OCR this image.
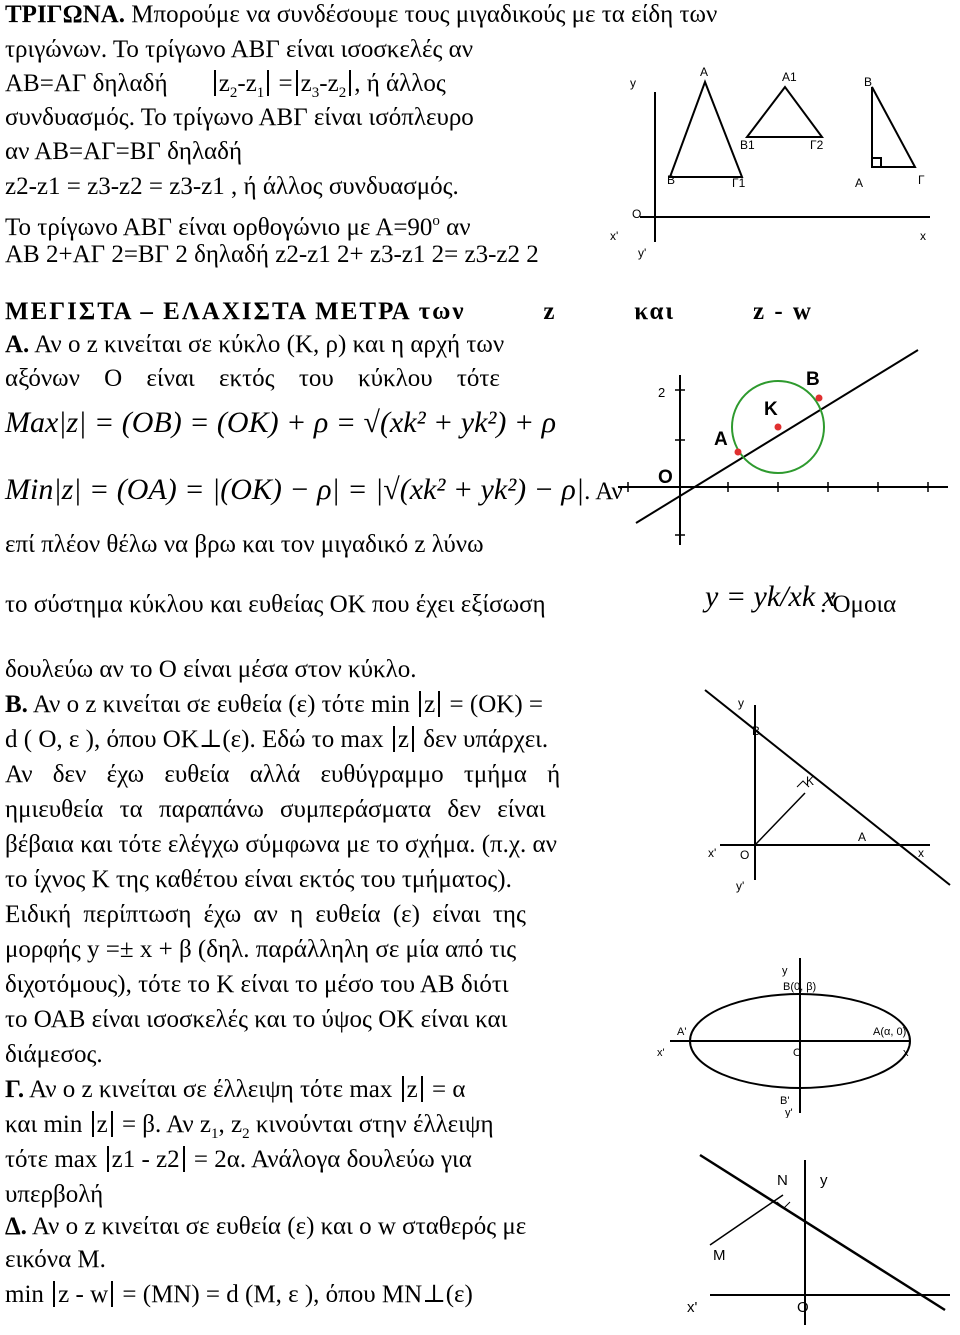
ΤΡΙΓΩΝΑ. Μπορούμε να συνδέσουμε τους μιγαδικούς με τα είδη των
τριγώνων. Το τρίγωνο ΑΒΓ είναι ισοσκελές αν
ΑΒ=ΑΓ δηλαδή $z_2-z_1 = z_3-z_2$ , ή άλλος
συνδυασμός. Το τρίγωνο ΑΒΓ είναι ισόπλευρο
αν ΑΒ=ΑΓ=ΒΓ δηλαδή
z2-z1 = z3-z2 = z3-z1 , ή άλλος συνδυασμός.
Το τρίγωνο ΑΒΓ είναι ορθογώνιο με $A=90^o$ αν
ΑΒ 2+ΑΓ 2=ΒΓ 2 δηλαδή z2-z1 2+ z3-z1 2= z3-z2 2
y
A	A1	B
B1	Γ2
B	Γ1	A	Γ
O
x'	x
y'
ΜΕΓΙΣΤΑ – ΕΛΑΧΙΣΤΑ ΜΕΤΡΑ των	z	και	z - w
Α. Αν ο z κινείται σε κύκλο (Κ, ρ) και η αρχή των
αξόνων Ο είναι εκτός του κύκλου τότε
Max|z| = (OB) = (OK) + ρ = √(xk² + yk²) + ρ
Min|z| = (OA) = |(OK) − ρ| = |√(xk² + yk²) − ρ|. Αν
επί πλέον θέλω να βρω και τον μιγαδικό z λύνω
το σύστημα κύκλου και ευθείας ΟΚ που έχει εξίσωση	y = yk/xk x
. Όμοια
δουλεύω αν το Ο είναι μέσα στον κύκλο.
2
B
K
A
O
Β. Αν ο z κινείται σε ευθεία (ε) τότε min z = (ΟΚ) =
d ( Ο, ε ), όπου ΟΚ⊥(ε). Εδώ το max z δεν υπάρχει.
Αν δεν έχω ευθεία αλλά ευθύγραμμο τμήμα ή
ημιευθεία τα παραπάνω συμπεράσματα δεν είναι
βέβαια και τότε ελέγχω σύμφωνα με το σχήμα. (π.χ. αν
το ίχνος Κ της καθέτου είναι εκτός του τμήματος).
Ειδική περίπτωση έχω αν η ευθεία (ε) είναι της
μορφής y =± x + β (δηλ. παράλληλη σε μία από τις
διχοτόμους), τότε το Κ είναι το μέσο του ΑΒ διότι
το ΟΑΒ είναι ισοσκελές και το ύψος ΟΚ είναι και
διάμεσος.
y
B
K
A
x' O	x
y'
Γ. Αν ο z κινείται σε έλλειψη τότε max z = α
και min z = β. Αν $z_1$, $z_2$ κινούνται στην έλλειψη
τότε max z1 - z2 = 2α. Ανάλογα δουλεύω για
υπερβολή
y
B(0, β)
A'	A(α, 0)
x'	O	x
B'
y'
Δ. Αν ο z κινείται σε ευθεία (ε) και ο w σταθερός με
εικόνα Μ.
min z - w = (ΜΝ) = d (Μ, ε ), όπου ΜΝ⊥(ε)
N y
M
x'	O
